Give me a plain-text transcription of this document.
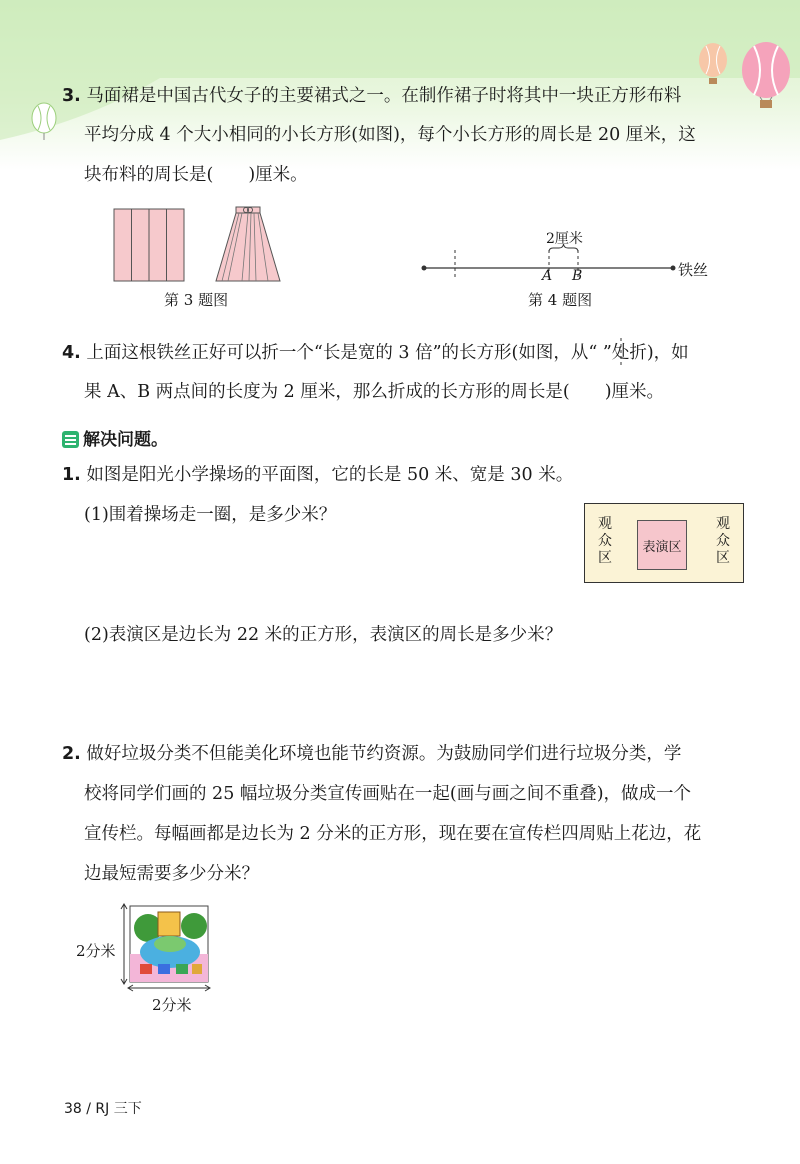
3. 马面裙是中国古代女子的主要裙式之一。在制作裙子时将其中一块正方形布料
平均分成 4 个大小相同的小长方形(如图)，每个小长方形的周长是 20 厘米，这
块布料的周长是(　　)厘米。
第 3 题图
2厘米
A B	铁丝
第 4 题图
4. 上面这根铁丝正好可以折一个“长是宽的 3 倍”的长方形(如图，从“ ”处折)，如
果 A、B 两点间的长度为 2 厘米，那么折成的长方形的周长是(　　)厘米。
解决问题。
1. 如图是阳光小学操场的平面图，它的长是 50 米、宽是 30 米。
(1)围着操场走一圈，是多少米？	观
众
区
表演区
观
众
区
(2)表演区是边长为 22 米的正方形，表演区的周长是多少米？
2. 做好垃圾分类不但能美化环境也能节约资源。为鼓励同学们进行垃圾分类，学
校将同学们画的 25 幅垃圾分类宣传画贴在一起(画与画之间不重叠)，做成一个
宣传栏。每幅画都是边长为 2 分米的正方形，现在要在宣传栏四周贴上花边，花
边最短需要多少分米？
2分米
2分米
38 / RJ 三下
